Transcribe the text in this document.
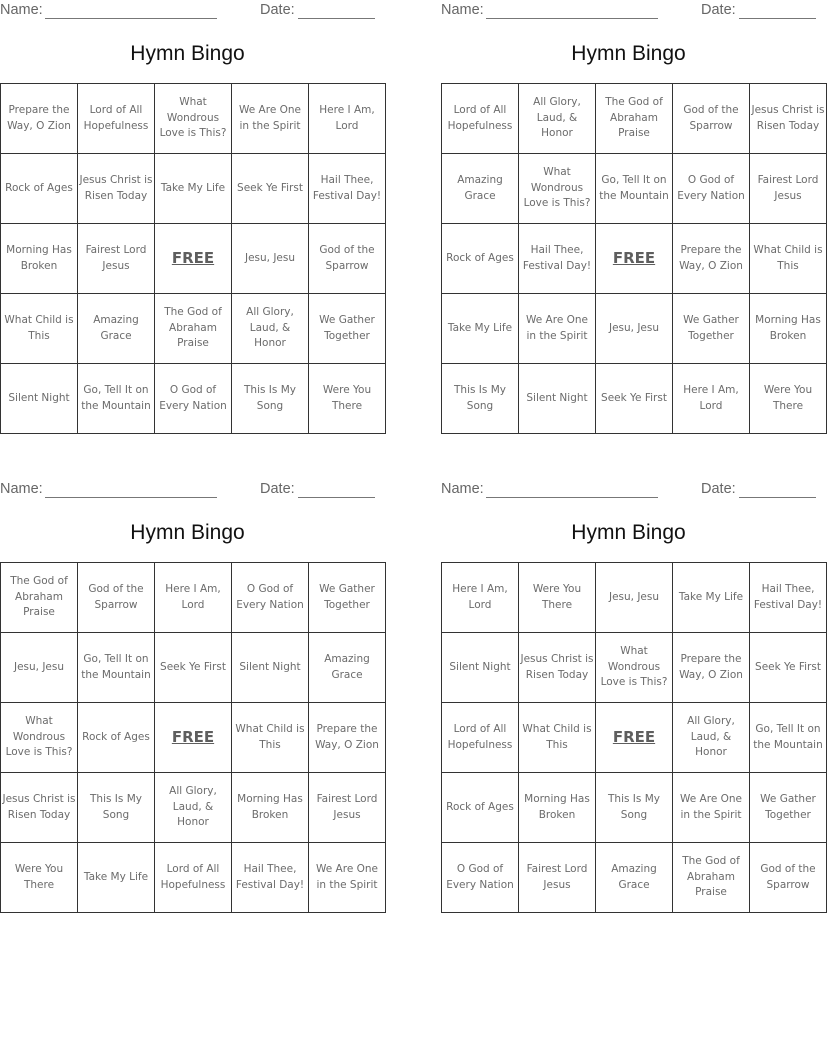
Name:	Date:
Hymn Bingo
Prepare the Way, O Zion	Lord of All Hopefulness	What Wondrous Love is This?	We Are One in the Spirit	Here I Am, Lord
Rock of Ages	Jesus Christ is Risen Today	Take My Life	Seek Ye First	Hail Thee, Festival Day!
Morning Has Broken	Fairest Lord Jesus	FREE	Jesu, Jesu	God of the Sparrow
What Child is This	Amazing Grace	The God of Abraham Praise	All Glory, Laud, & Honor	We Gather Together
Silent Night	Go, Tell It on the Mountain	O God of Every Nation	This Is My Song	Were You There
Name:	Date:
Hymn Bingo
Lord of All Hopefulness	All Glory, Laud, & Honor	The God of Abraham Praise	God of the Sparrow	Jesus Christ is Risen Today
Amazing Grace	What Wondrous Love is This?	Go, Tell It on the Mountain	O God of Every Nation	Fairest Lord Jesus
Rock of Ages	Hail Thee, Festival Day!	FREE	Prepare the Way, O Zion	What Child is This
Take My Life	We Are One in the Spirit	Jesu, Jesu	We Gather Together	Morning Has Broken
This Is My Song	Silent Night	Seek Ye First	Here I Am, Lord	Were You There
Name:	Date:
Hymn Bingo
The God of Abraham Praise	God of the Sparrow	Here I Am, Lord	O God of Every Nation	We Gather Together
Jesu, Jesu	Go, Tell It on the Mountain	Seek Ye First	Silent Night	Amazing Grace
What Wondrous Love is This?	Rock of Ages	FREE	What Child is This	Prepare the Way, O Zion
Jesus Christ is Risen Today	This Is My Song	All Glory, Laud, & Honor	Morning Has Broken	Fairest Lord Jesus
Were You There	Take My Life	Lord of All Hopefulness	Hail Thee, Festival Day!	We Are One in the Spirit
Name:	Date:
Hymn Bingo
Here I Am, Lord	Were You There	Jesu, Jesu	Take My Life	Hail Thee, Festival Day!
Silent Night	Jesus Christ is Risen Today	What Wondrous Love is This?	Prepare the Way, O Zion	Seek Ye First
Lord of All Hopefulness	What Child is This	FREE	All Glory, Laud, & Honor	Go, Tell It on the Mountain
Rock of Ages	Morning Has Broken	This Is My Song	We Are One in the Spirit	We Gather Together
O God of Every Nation	Fairest Lord Jesus	Amazing Grace	The God of Abraham Praise	God of the Sparrow
